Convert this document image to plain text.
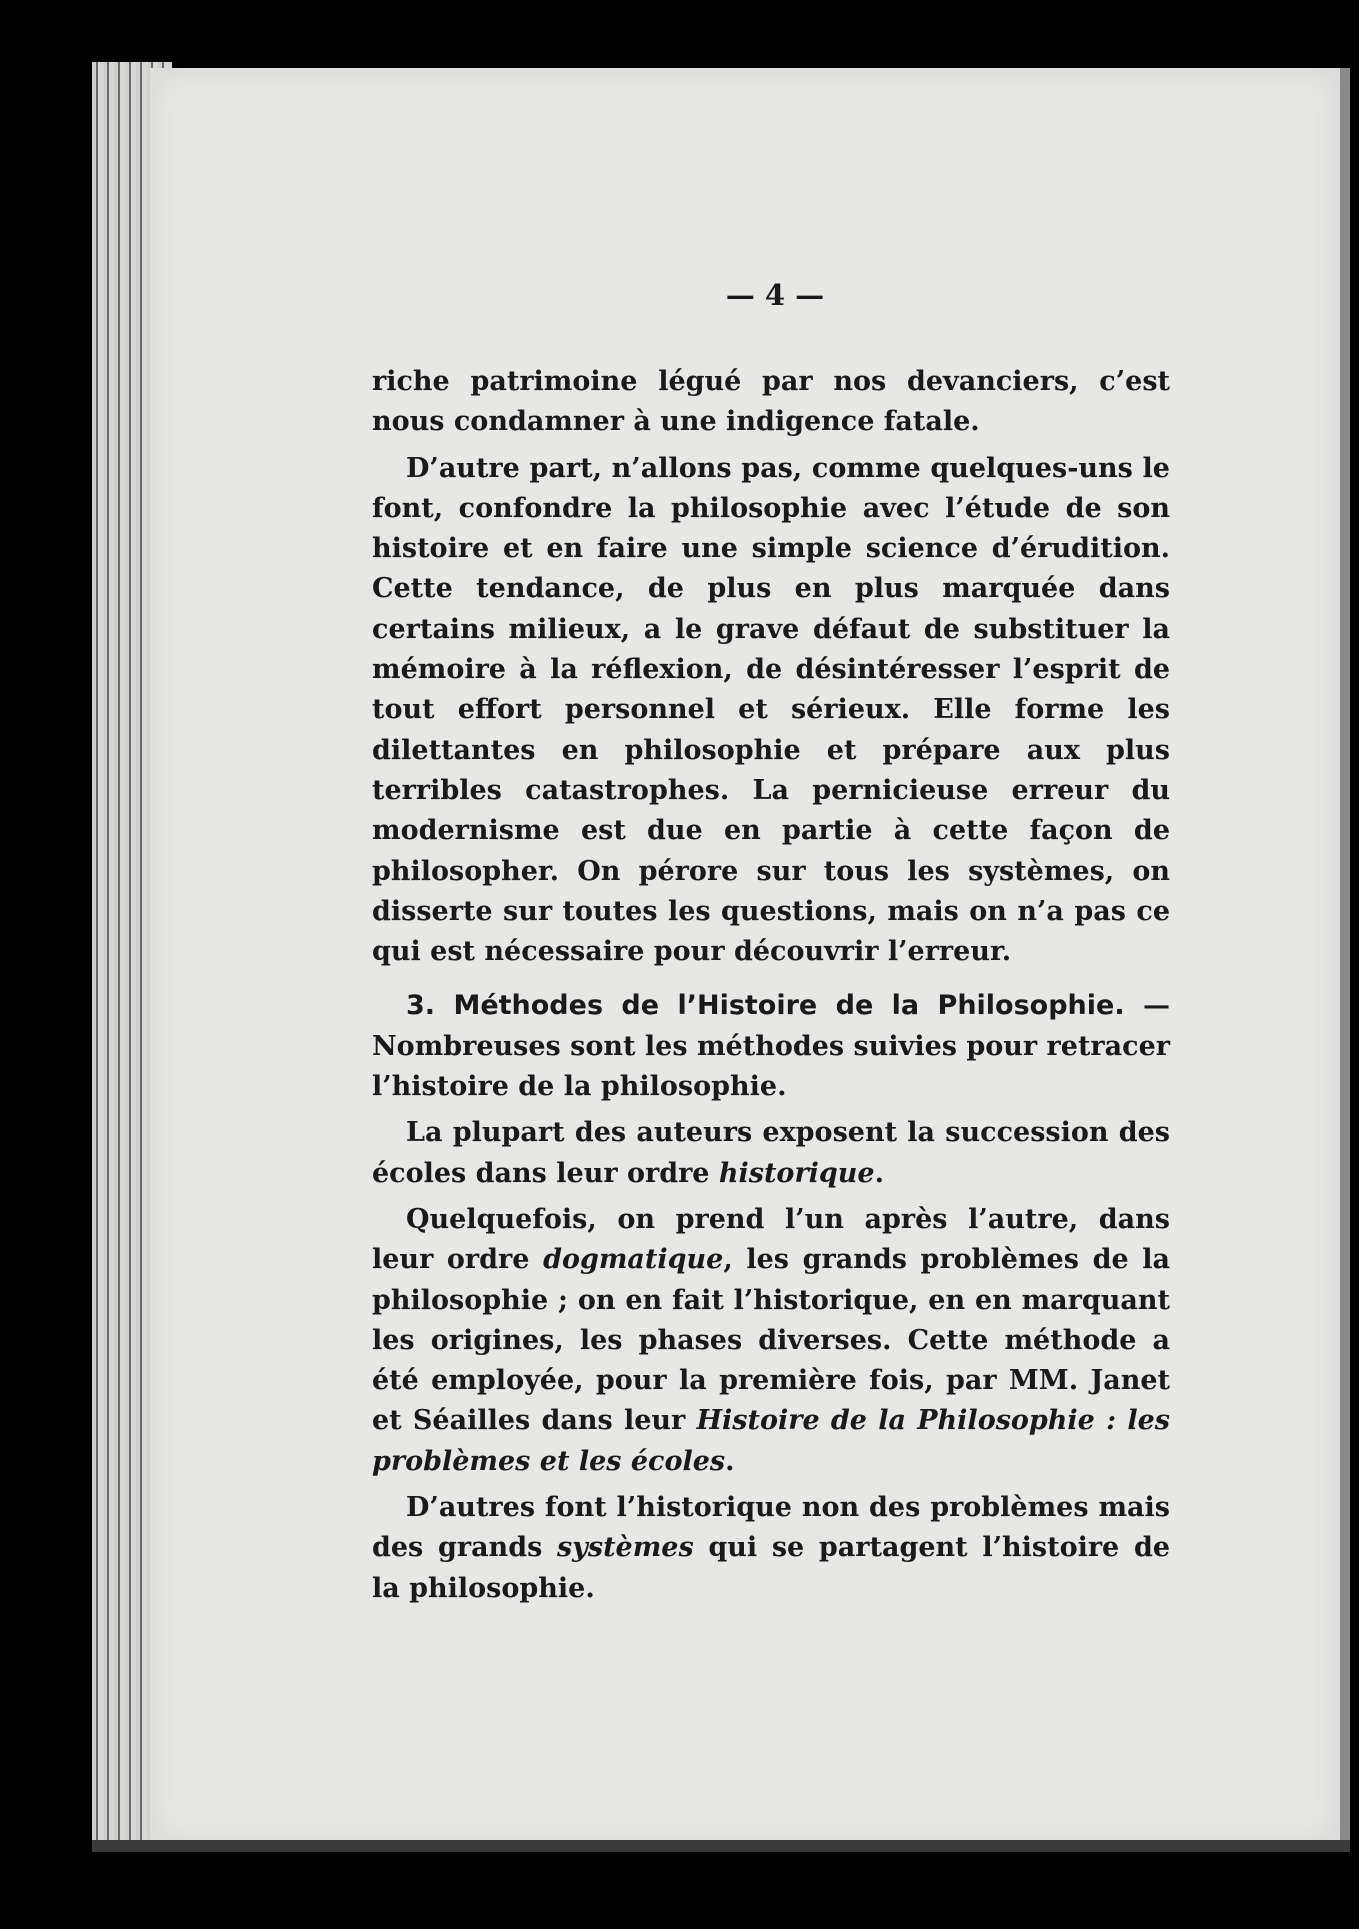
— 4 —

riche patrimoine légué par nos devanciers, c’est nous condamner à une indigence fatale.

D’autre part, n’allons pas, comme quelques-uns le font, confondre la philosophie avec l’étude de son histoire et en faire une simple science d’érudition. Cette tendance, de plus en plus marquée dans certains milieux, a le grave défaut de substituer la mémoire à la réflexion, de désintéresser l’esprit de tout effort personnel et sérieux. Elle forme les dilettantes en philosophie et prépare aux plus terribles catastrophes. La pernicieuse erreur du modernisme est due en partie à cette façon de philosopher. On pérore sur tous les systèmes, on disserte sur toutes les questions, mais on n’a pas ce qui est nécessaire pour découvrir l’erreur.

3. Méthodes de l’Histoire de la Philosophie. — Nombreuses sont les méthodes suivies pour retracer l’histoire de la philosophie.

La plupart des auteurs exposent la succession des écoles dans leur ordre historique.

Quelquefois, on prend l’un après l’autre, dans leur ordre dogmatique, les grands problèmes de la philosophie ; on en fait l’historique, en en marquant les origines, les phases diverses. Cette méthode a été employée, pour la première fois, par MM. Janet et Séailles dans leur Histoire de la Philosophie : les problèmes et les écoles.

D’autres font l’historique non des problèmes mais des grands systèmes qui se partagent l’histoire de la philosophie.
